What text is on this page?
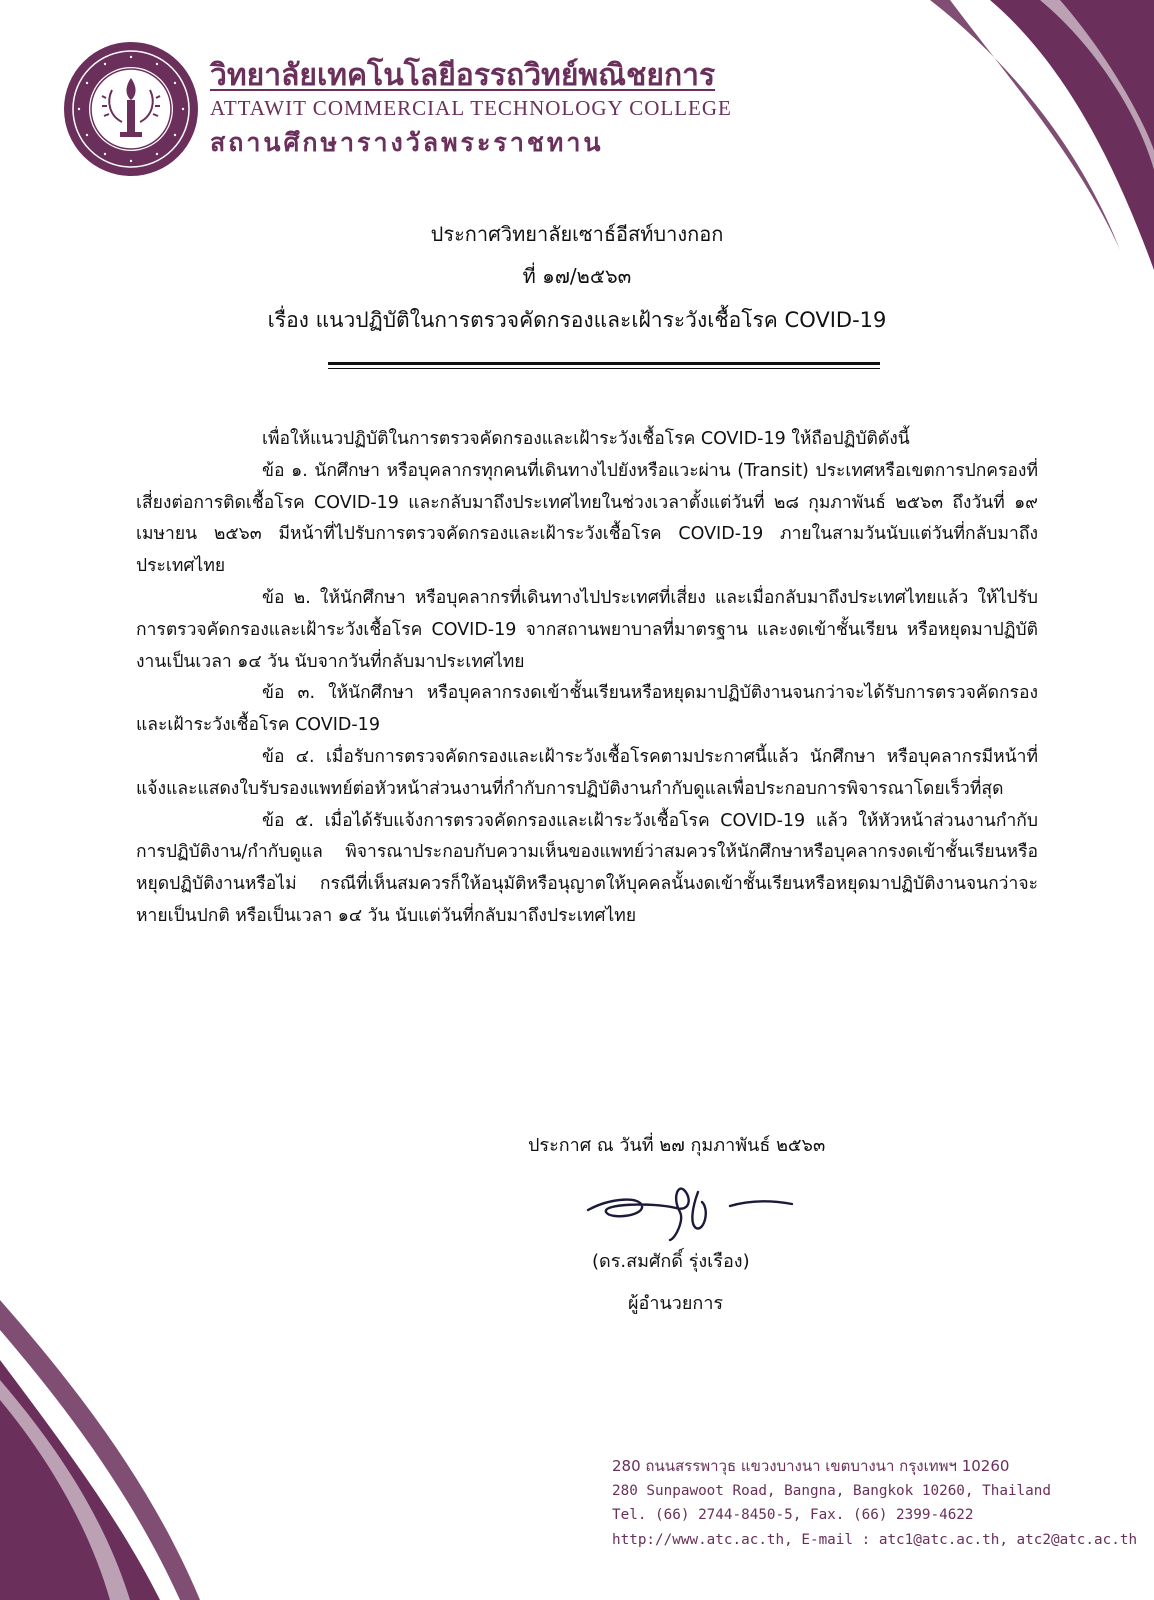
วิทยาลัยเทคโนโลยีอรรถวิทย์พณิชยการ
ATTAWIT COMMERCIAL TECHNOLOGY COLLEGE
สถานศึกษารางวัลพระราชทาน
ประกาศวิทยาลัยเซาธ์อีสท์บางกอก
ที่ ๑๗/๒๕๖๓
เรื่อง แนวปฏิบัติในการตรวจคัดกรองและเฝ้าระวังเชื้อโรค COVID-19

เพื่อให้แนวปฏิบัติในการตรวจคัดกรองและเฝ้าระวังเชื้อโรค COVID-19 ให้ถือปฏิบัติดังนี้

ข้อ ๑. นักศึกษา หรือบุคลากรทุกคนที่เดินทางไปยังหรือแวะผ่าน (Transit) ประเทศหรือเขตการปกครองที่เสี่ยงต่อการติดเชื้อโรค COVID-19 และกลับมาถึงประเทศไทยในช่วงเวลาตั้งแต่วันที่ ๒๘ กุมภาพันธ์ ๒๕๖๓ ถึงวันที่ ๑๙ เมษายน ๒๕๖๓ มีหน้าที่ไปรับการตรวจคัดกรองและเฝ้าระวังเชื้อโรค COVID-19 ภายในสามวันนับแต่วันที่กลับมาถึงประเทศไทย

ข้อ ๒. ให้นักศึกษา หรือบุคลากรที่เดินทางไปประเทศที่เสี่ยง และเมื่อกลับมาถึงประเทศไทยแล้ว ให้ไปรับการตรวจคัดกรองและเฝ้าระวังเชื้อโรค COVID-19 จากสถานพยาบาลที่มาตรฐาน และงดเข้าชั้นเรียน หรือหยุดมาปฏิบัติงานเป็นเวลา ๑๔ วัน นับจากวันที่กลับมาประเทศไทย

ข้อ ๓. ให้นักศึกษา หรือบุคลากรงดเข้าชั้นเรียนหรือหยุดมาปฏิบัติงานจนกว่าจะได้รับการตรวจคัดกรองและเฝ้าระวังเชื้อโรค COVID-19

ข้อ ๔. เมื่อรับการตรวจคัดกรองและเฝ้าระวังเชื้อโรคตามประกาศนี้แล้ว นักศึกษา หรือบุคลากรมีหน้าที่แจ้งและแสดงใบรับรองแพทย์ต่อหัวหน้าส่วนงานที่กำกับการปฏิบัติงานกำกับดูแลเพื่อประกอบการพิจารณาโดยเร็วที่สุด

ข้อ ๕. เมื่อได้รับแจ้งการตรวจคัดกรองและเฝ้าระวังเชื้อโรค COVID-19 แล้ว ให้หัวหน้าส่วนงานกำกับการปฏิบัติงาน/กำกับดูแล พิจารณาประกอบกับความเห็นของแพทย์ว่าสมควรให้นักศึกษาหรือบุคลากรงดเข้าชั้นเรียนหรือหยุดปฏิบัติงานหรือไม่ กรณีที่เห็นสมควรก็ให้อนุมัติหรือนุญาตให้บุคคลนั้นงดเข้าชั้นเรียนหรือหยุดมาปฏิบัติงานจนกว่าจะหายเป็นปกติ หรือเป็นเวลา ๑๔ วัน นับแต่วันที่กลับมาถึงประเทศไทย

ประกาศ ณ วันที่ ๒๗ กุมภาพันธ์ ๒๕๖๓
(ดร.สมศักดิ์ รุ่งเรือง)
ผู้อำนวยการ
280 ถนนสรรพาวุธ แขวงบางนา เขตบางนา กรุงเทพฯ 10260
280 Sunpawoot Road, Bangna, Bangkok 10260, Thailand
Tel. (66) 2744-8450-5, Fax. (66) 2399-4622
http://www.atc.ac.th, E-mail : atc1@atc.ac.th, atc2@atc.ac.th
